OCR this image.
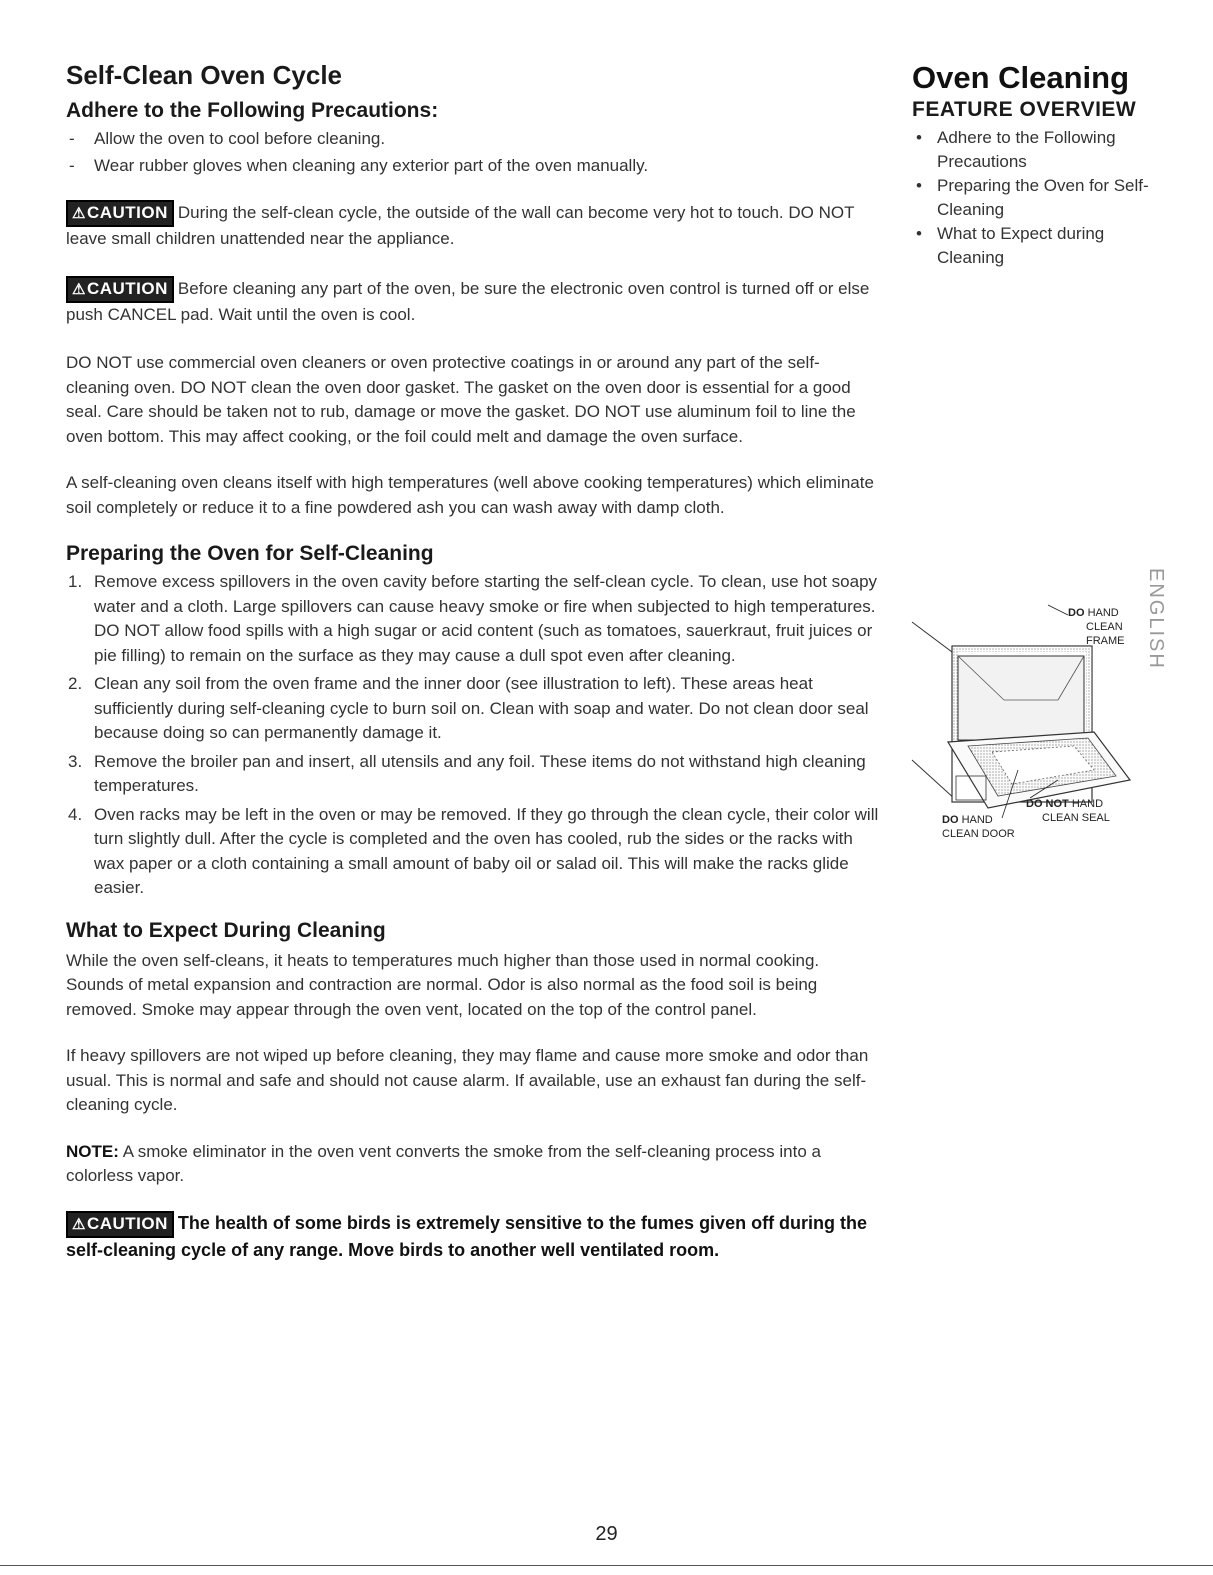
Self-Clean Oven Cycle
Adhere to the Following Precautions:
- Allow the oven to cool before cleaning.
- Wear rubber gloves when cleaning any exterior part of the oven manually.

⚠CAUTION During the self-clean cycle, the outside of the wall can become very hot to touch. DO NOT leave small children unattended near the appliance.

⚠CAUTION Before cleaning any part of the oven, be sure the electronic oven control is turned off or else push CANCEL pad. Wait until the oven is cool.

DO NOT use commercial oven cleaners or oven protective coatings in or around any part of the self-cleaning oven. DO NOT clean the oven door gasket. The gasket on the oven door is essential for a good seal. Care should be taken not to rub, damage or move the gasket. DO NOT use aluminum foil to line the oven bottom. This may affect cooking, or the foil could melt and damage the oven surface.

A self-cleaning oven cleans itself with high temperatures (well above cooking temperatures) which eliminate soil completely or reduce it to a fine powdered ash you can wash away with damp cloth.

Preparing the Oven for Self-Cleaning
1. Remove excess spillovers in the oven cavity before starting the self-clean cycle. To clean, use hot soapy water and a cloth. Large spillovers can cause heavy smoke or fire when subjected to high temperatures. DO NOT allow food spills with a high sugar or acid content (such as tomatoes, sauerkraut, fruit juices or pie filling) to remain on the surface as they may cause a dull spot even after cleaning.
2. Clean any soil from the oven frame and the inner door (see illustration to left). These areas heat sufficiently during self-cleaning cycle to burn soil on. Clean with soap and water. Do not clean door seal because doing so can permanently damage it.
3. Remove the broiler pan and insert, all utensils and any foil. These items do not withstand high cleaning temperatures.
4. Oven racks may be left in the oven or may be removed. If they go through the clean cycle, their color will turn slightly dull. After the cycle is completed and the oven has cooled, rub the sides or the racks with wax paper or a cloth containing a small amount of baby oil or salad oil. This will make the racks glide easier.
What to Expect During Cleaning

While the oven self-cleans, it heats to temperatures much higher than those used in normal cooking. Sounds of metal expansion and contraction are normal. Odor is also normal as the food soil is being removed. Smoke may appear through the oven vent, located on the top of the control panel.

If heavy spillovers are not wiped up before cleaning, they may flame and cause more smoke and odor than usual. This is normal and safe and should not cause alarm. If available, use an exhaust fan during the self-cleaning cycle.

NOTE: A smoke eliminator in the oven vent converts the smoke from the self-cleaning process into a colorless vapor.

⚠CAUTION The health of some birds is extremely sensitive to the fumes given off during the self-cleaning cycle of any range. Move birds to another well ventilated room.

Oven Cleaning
FEATURE OVERVIEW
• Adhere to the Following Precautions
• Preparing the Oven for Self-Cleaning
• What to Expect during Cleaning
ENGLISH
DO HAND
CLEAN
FRAME
DO NOT HAND
CLEAN SEAL
DO HAND
CLEAN DOOR
29
